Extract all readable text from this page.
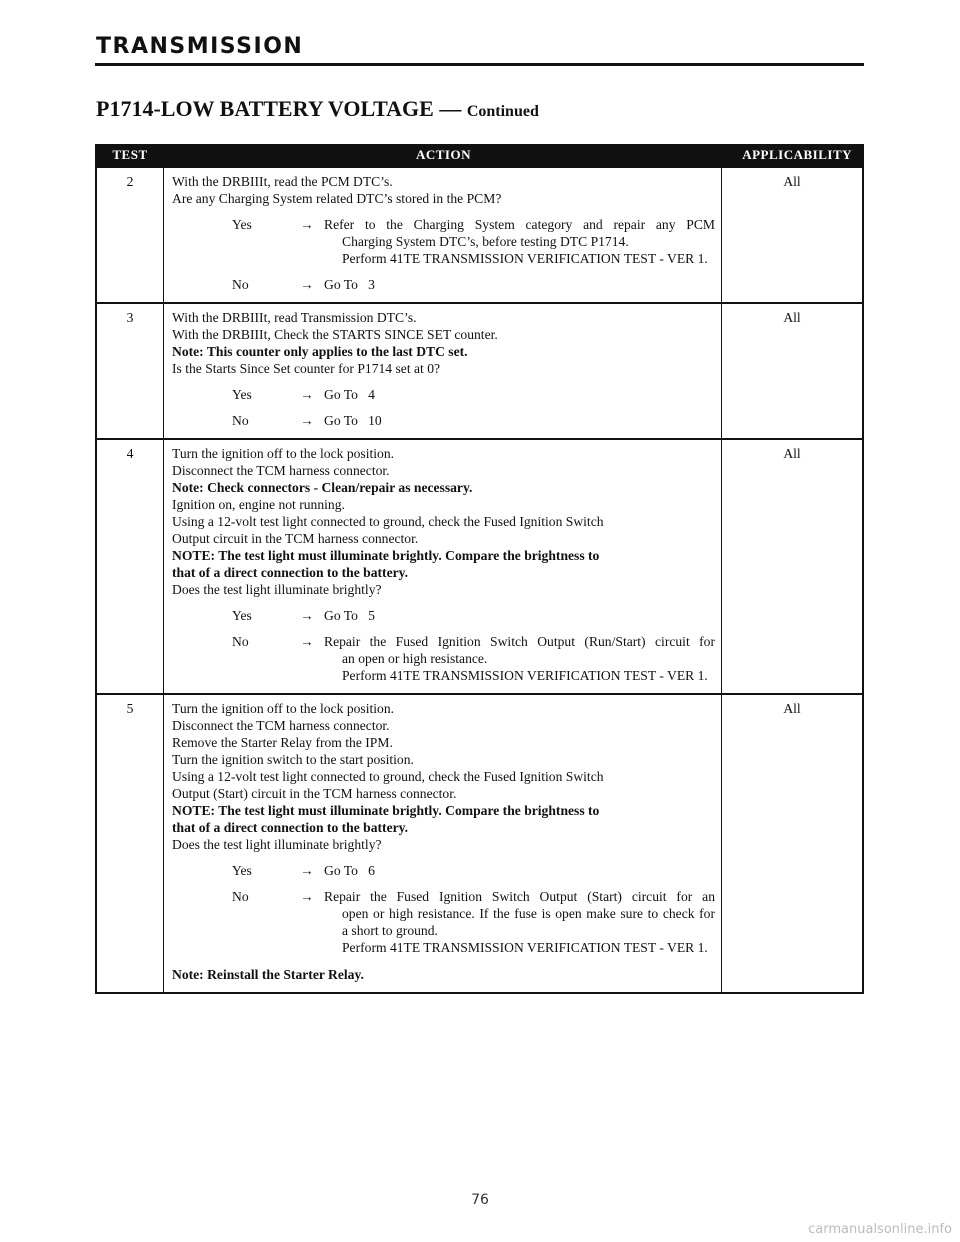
TRANSMISSION
P1714-LOW BATTERY VOLTAGE — Continued
TEST	ACTION	APPLICABILITY
2	With the DRBIIIt, read the PCM DTC’s.
Are any Charging System related DTC’s stored in the PCM?
Yes	→ Refer to the Charging System category and repair any PCM
Charging System DTC’s, before testing DTC P1714.
Perform 41TE TRANSMISSION VERIFICATION TEST - VER 1.
No	→ Go To   3
All
3	With the DRBIIIt, read Transmission DTC’s.
With the DRBIIIt, Check the STARTS SINCE SET counter.
Note: This counter only applies to the last DTC set.
Is the Starts Since Set counter for P1714 set at 0?
Yes	→ Go To   4
No	→ Go To   10
All
4	Turn the ignition off to the lock position.
Disconnect the TCM harness connector.
Note: Check connectors - Clean/repair as necessary.
Ignition on, engine not running.
Using a 12-volt test light connected to ground, check the Fused Ignition Switch
Output circuit in the TCM harness connector.
NOTE: The test light must illuminate brightly. Compare the brightness to
that of a direct connection to the battery.
Does the test light illuminate brightly?
Yes	→ Go To   5
No	→ Repair the Fused Ignition Switch Output (Run/Start) circuit for
an open or high resistance.
Perform 41TE TRANSMISSION VERIFICATION TEST - VER 1.
All
5	Turn the ignition off to the lock position.
Disconnect the TCM harness connector.
Remove the Starter Relay from the IPM.
Turn the ignition switch to the start position.
Using a 12-volt test light connected to ground, check the Fused Ignition Switch
Output (Start) circuit in the TCM harness connector.
NOTE: The test light must illuminate brightly. Compare the brightness to
that of a direct connection to the battery.
Does the test light illuminate brightly?
Yes	→ Go To   6
No	→ Repair the Fused Ignition Switch Output (Start) circuit for an
open or high resistance. If the fuse is open make sure to check for
a short to ground.
Perform 41TE TRANSMISSION VERIFICATION TEST - VER 1.
Note: Reinstall the Starter Relay.
All
76
carmanualsonline.info
